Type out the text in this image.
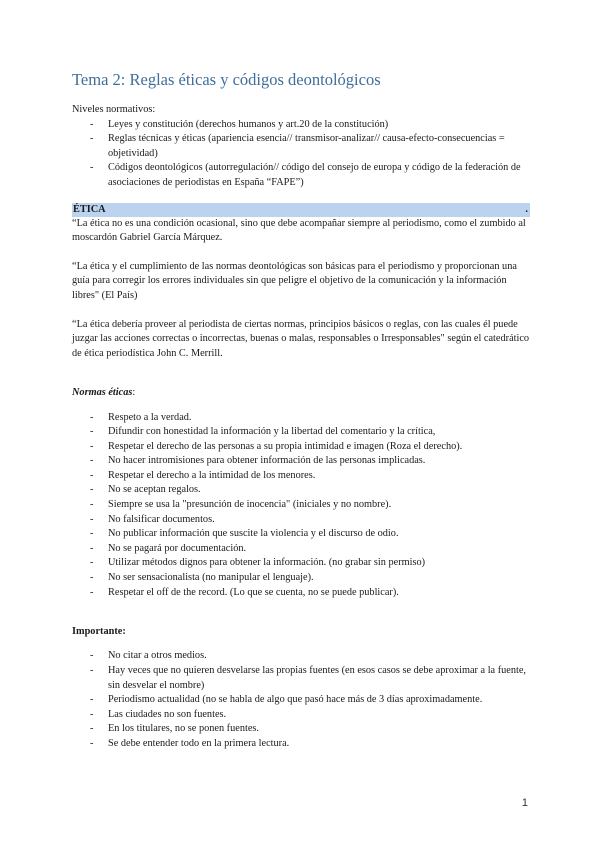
Tema 2: Reglas éticas y códigos deontológicos

Niveles normativos:

- Leyes y constitución (derechos humanos y art.20 de la constitución)
- Reglas técnicas y éticas (apariencia esencia// transmisor-analizar// causa-efecto-consecuencias = objetividad)
- Códigos deontológicos (autorregulación// código del consejo de europa y código de la federación de asociaciones de periodistas en España “FAPE”)
ÉTICA	.

“La ética no es una condición ocasional, sino que debe acompañar siempre al periodismo, como el zumbido al moscardón Gabriel García Márquez.

“La ética y el cumplimiento de las normas deontológicas son básicas para el periodismo y proporcionan una guía para corregir los errores individuales sin que peligre el objetivo de la comunicación y la información libres" (El País)

“La ética debería proveer al periodista de ciertas normas, principios básicos o reglas, con las cuales él puede juzgar las acciones correctas o incorrectas, buenas o malas, responsables o Irresponsables" según el catedrático de ética periodística John C. Merrill.

Normas éticas:

- Respeto a la verdad.
- Difundir con honestidad la información y la libertad del comentario y la crítica,
- Respetar el derecho de las personas a su propia intimidad e imagen (Roza el derecho).
- No hacer intromisiones para obtener información de las personas implicadas.
- Respetar el derecho a la intimidad de los menores.
- No se aceptan regalos.
- Siempre se usa la "presunción de inocencia" (iniciales y no nombre).
- No falsificar documentos.
- No publicar información que suscite la violencia y el discurso de odio.
- No se pagará por documentación.
- Utilizar métodos dignos para obtener la información. (no grabar sin permiso)
- No ser sensacionalista (no manipular el lenguaje).
- Respetar el off de the record. (Lo que se cuenta, no se puede publicar).

Importante:

- No citar a otros medios.
- Hay veces que no quieren desvelarse las propias fuentes (en esos casos se debe aproximar a la fuente, sin desvelar el nombre)
- Periodismo actualidad (no se habla de algo que pasó hace más de 3 días aproximadamente.
- Las ciudades no son fuentes.
- En los titulares, no se ponen fuentes.
- Se debe entender todo en la primera lectura.
1
